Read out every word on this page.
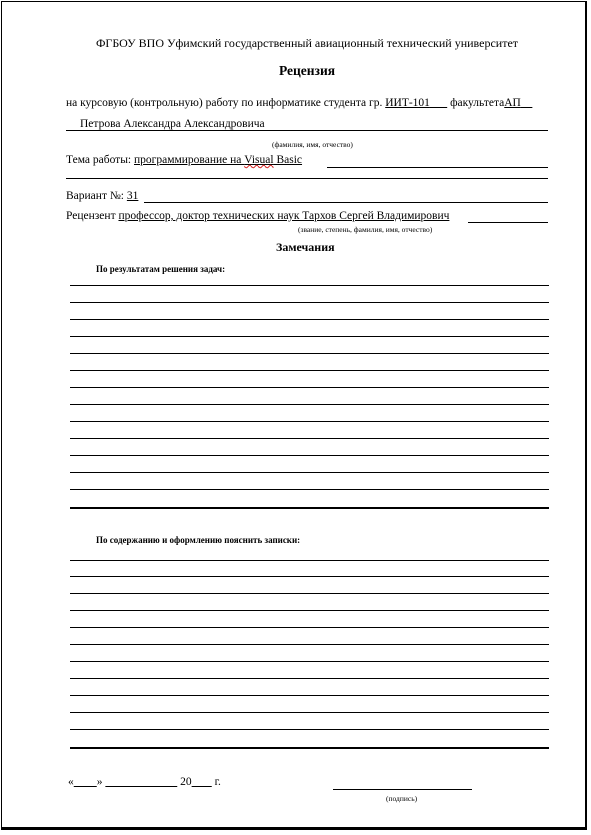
ФГБОУ ВПО Уфимский государственный авиационный технический университет
Рецензия
на курсовую (контрольную) работу по информатике студента гр. ИИТ-101 факультетаАП
Петрова Александра Александровича
(фамилия, имя, отчество)
Тема работы: программирование на Visual Basic
Вариант №: 31
Рецензент профессор, доктор технических наук Тархов Сергей Владимирович
(звание, степень, фамилия, имя, отчество)
Замечания
По результатам решения задач:
По содержанию и оформлению пояснить записки:
« »	20 г.
(подпись)
